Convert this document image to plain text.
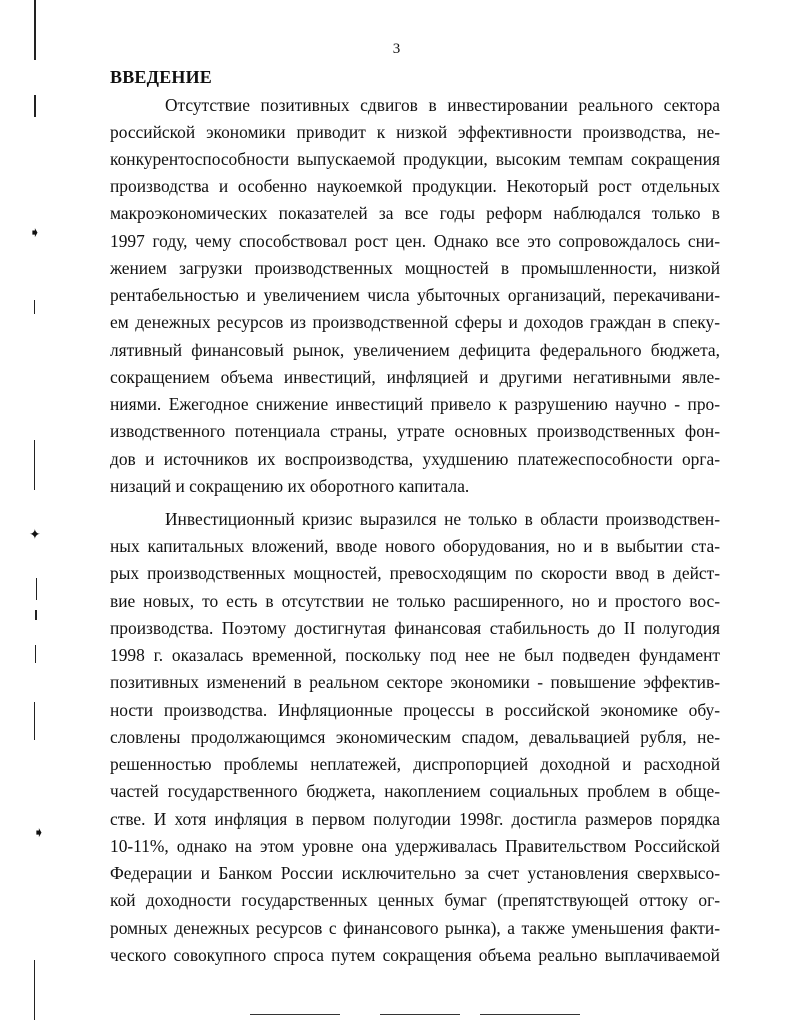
3
ВВЕДЕНИЕ
Отсутствие позитивных сдвигов в инвестировании реального сектора
российской экономики приводит к низкой эффективности производства, не-
конкурентоспособности выпускаемой продукции, высоким темпам сокращения
производства и особенно наукоемкой продукции. Некоторый рост отдельных
макроэкономических показателей за все годы реформ наблюдался только в
1997 году, чему способствовал рост цен. Однако все это сопровождалось сни-
жением загрузки производственных мощностей в промышленности, низкой
рентабельностью и увеличением числа убыточных организаций, перекачивани-
ем денежных ресурсов из производственной сферы и доходов граждан в спеку-
лятивный финансовый рынок, увеличением дефицита федерального бюджета,
сокращением объема инвестиций, инфляцией и другими негативными явле-
ниями. Ежегодное снижение инвестиций привело к разрушению научно - про-
изводственного потенциала страны, утрате основных производственных фон-
дов и источников их воспроизводства, ухудшению платежеспособности орга-
низаций и сокращению их оборотного капитала.
Инвестиционный кризис выразился не только в области производствен-
ных капитальных вложений, вводе нового оборудования, но и в выбытии ста-
рых производственных мощностей, превосходящим по скорости ввод в дейст-
вие новых, то есть в отсутствии не только расширенного, но и простого вос-
производства. Поэтому достигнутая финансовая стабильность до II полугодия
1998 г. оказалась временной, поскольку под нее не был подведен фундамент
позитивных изменений в реальном секторе экономики - повышение эффектив-
ности производства. Инфляционные процессы в российской экономике обу-
словлены продолжающимся экономическим спадом, девальвацией рубля, не-
решенностью проблемы неплатежей, диспропорцией доходной и расходной
частей государственного бюджета, накоплением социальных проблем в обще-
стве. И хотя инфляция в первом полугодии 1998г. достигла размеров порядка
10-11%, однако на этом уровне она удерживалась Правительством Российской
Федерации и Банком России исключительно за счет установления сверхвысо-
кой доходности государственных ценных бумаг (препятствующей оттоку ог-
ромных денежных ресурсов с финансового рынка), а также уменьшения факти-
ческого совокупного спроса путем сокращения объема реально выплачиваемой
➧
✦
➧
